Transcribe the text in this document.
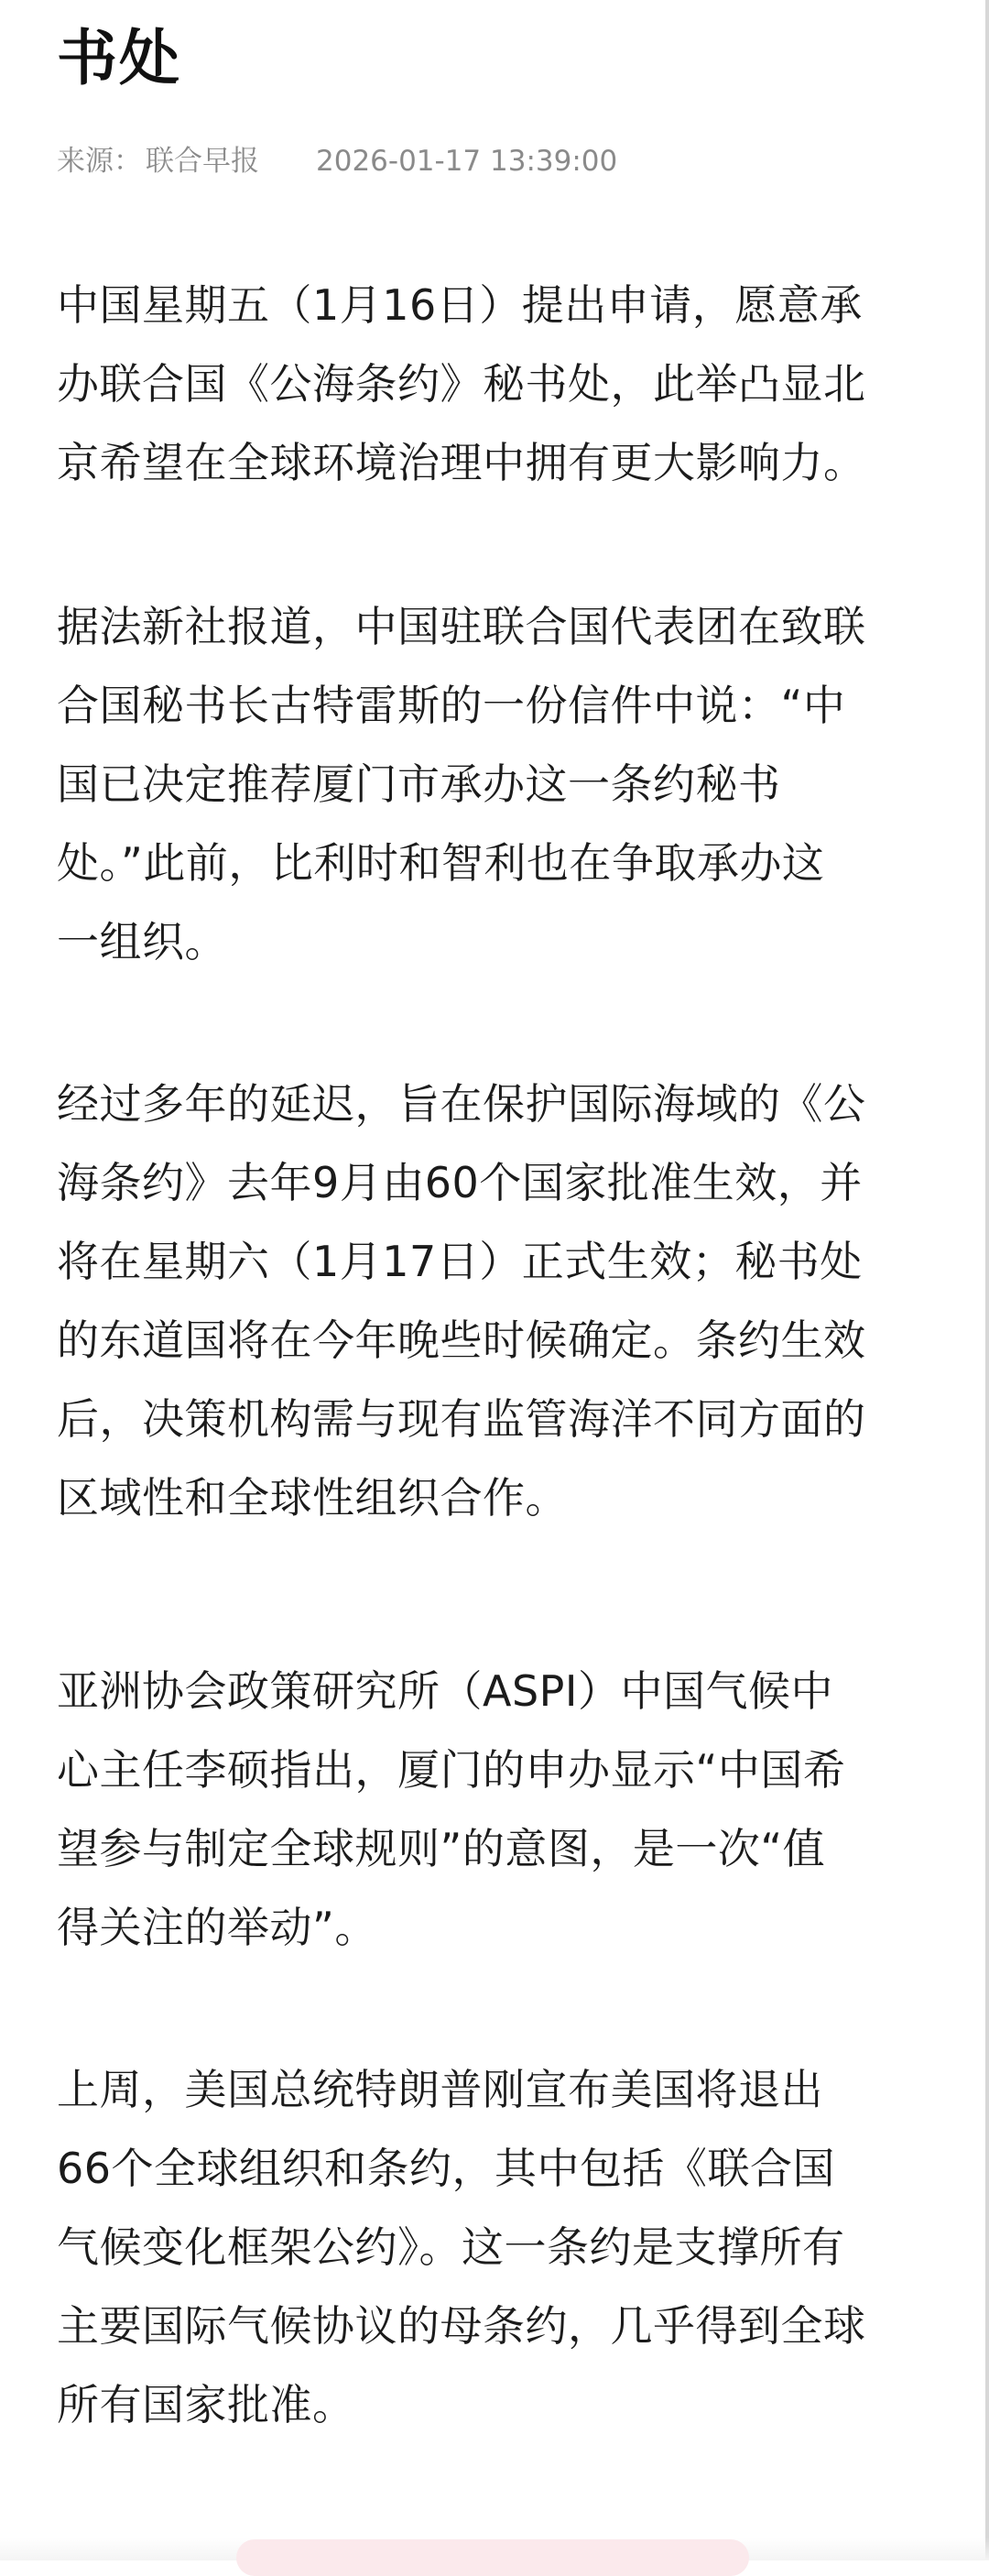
书处
来源： 联合早报 2026-01-17 13:39:00
中国星期五（1月16日）提出申请，愿意承
办联合国《公海条约》秘书处，此举凸显北
京希望在全球环境治理中拥有更大影响力。
据法新社报道，中国驻联合国代表团在致联
合国秘书长古特雷斯的一份信件中说：“中
国已决定推荐厦门市承办这一条约秘书
处。”此前，比利时和智利也在争取承办这
一组织。
经过多年的延迟，旨在保护国际海域的《公
海条约》去年9月由60个国家批准生效，并
将在星期六（1月17日）正式生效；秘书处
的东道国将在今年晚些时候确定。条约生效
后，决策机构需与现有监管海洋不同方面的
区域性和全球性组织合作。
亚洲协会政策研究所（ASPI）中国气候中
心主任李硕指出，厦门的申办显示“中国希
望参与制定全球规则”的意图，是一次“值
得关注的举动”。
上周，美国总统特朗普刚宣布美国将退出
66个全球组织和条约，其中包括《联合国
气候变化框架公约》。这一条约是支撑所有
主要国际气候协议的母条约，几乎得到全球
所有国家批准。
